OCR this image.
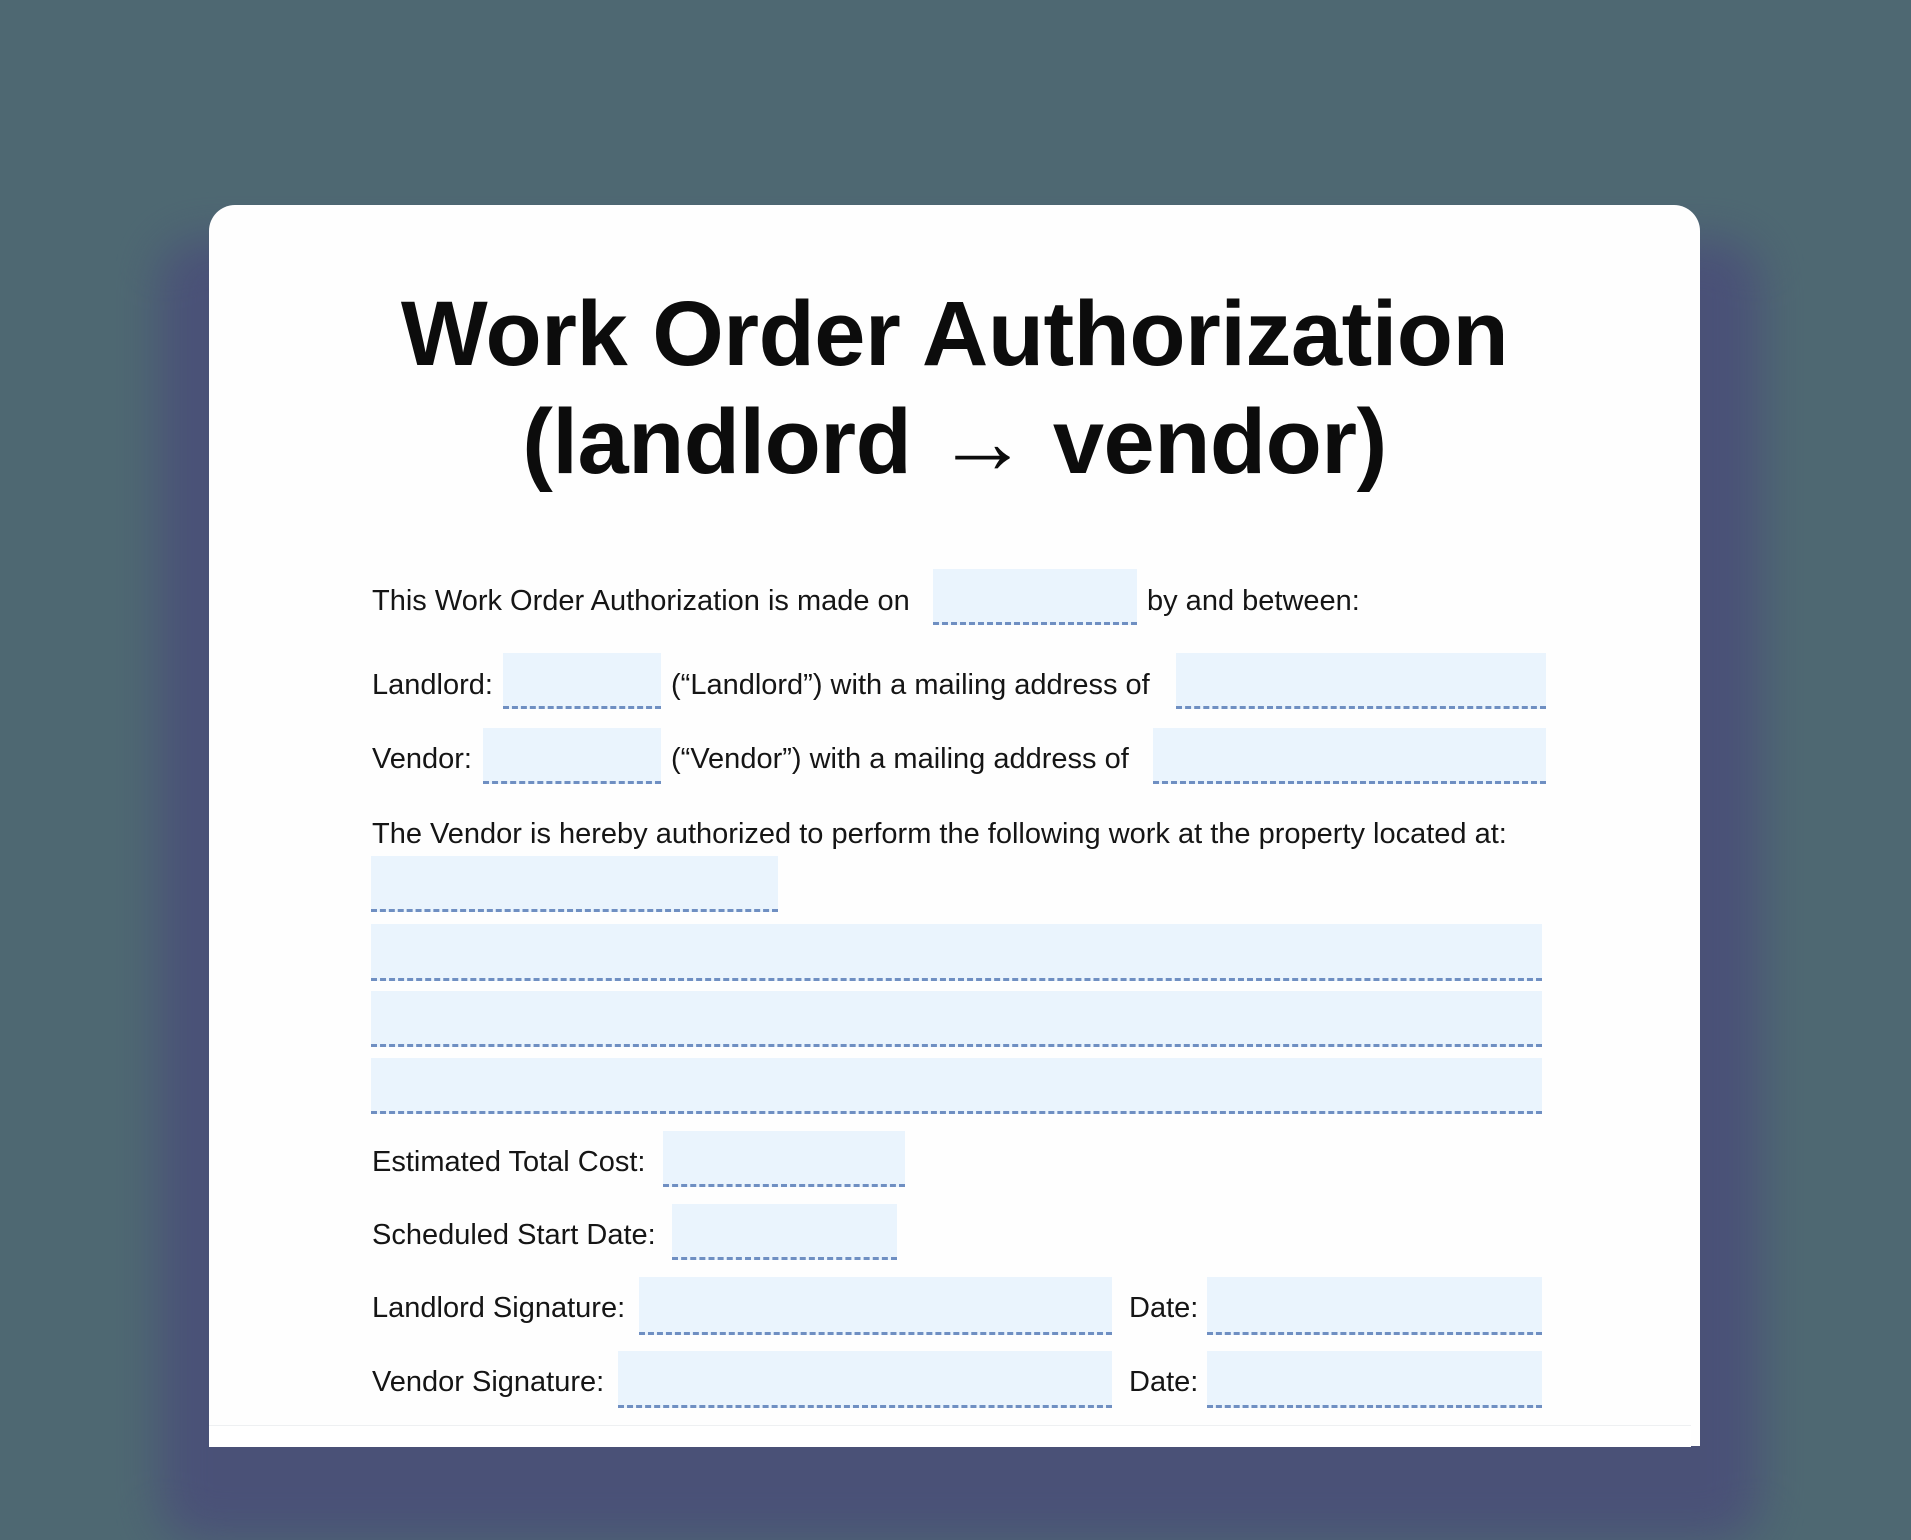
Work Order Authorization
(landlord → vendor)
This Work Order Authorization is made on	by and between:
Landlord:	(“Landlord”) with a mailing address of
Vendor:	(“Vendor”) with a mailing address of
The Vendor is hereby authorized to perform the following work at the property located at:
Estimated Total Cost:
Scheduled Start Date:
Landlord Signature:	Date:
Vendor Signature:	Date:
